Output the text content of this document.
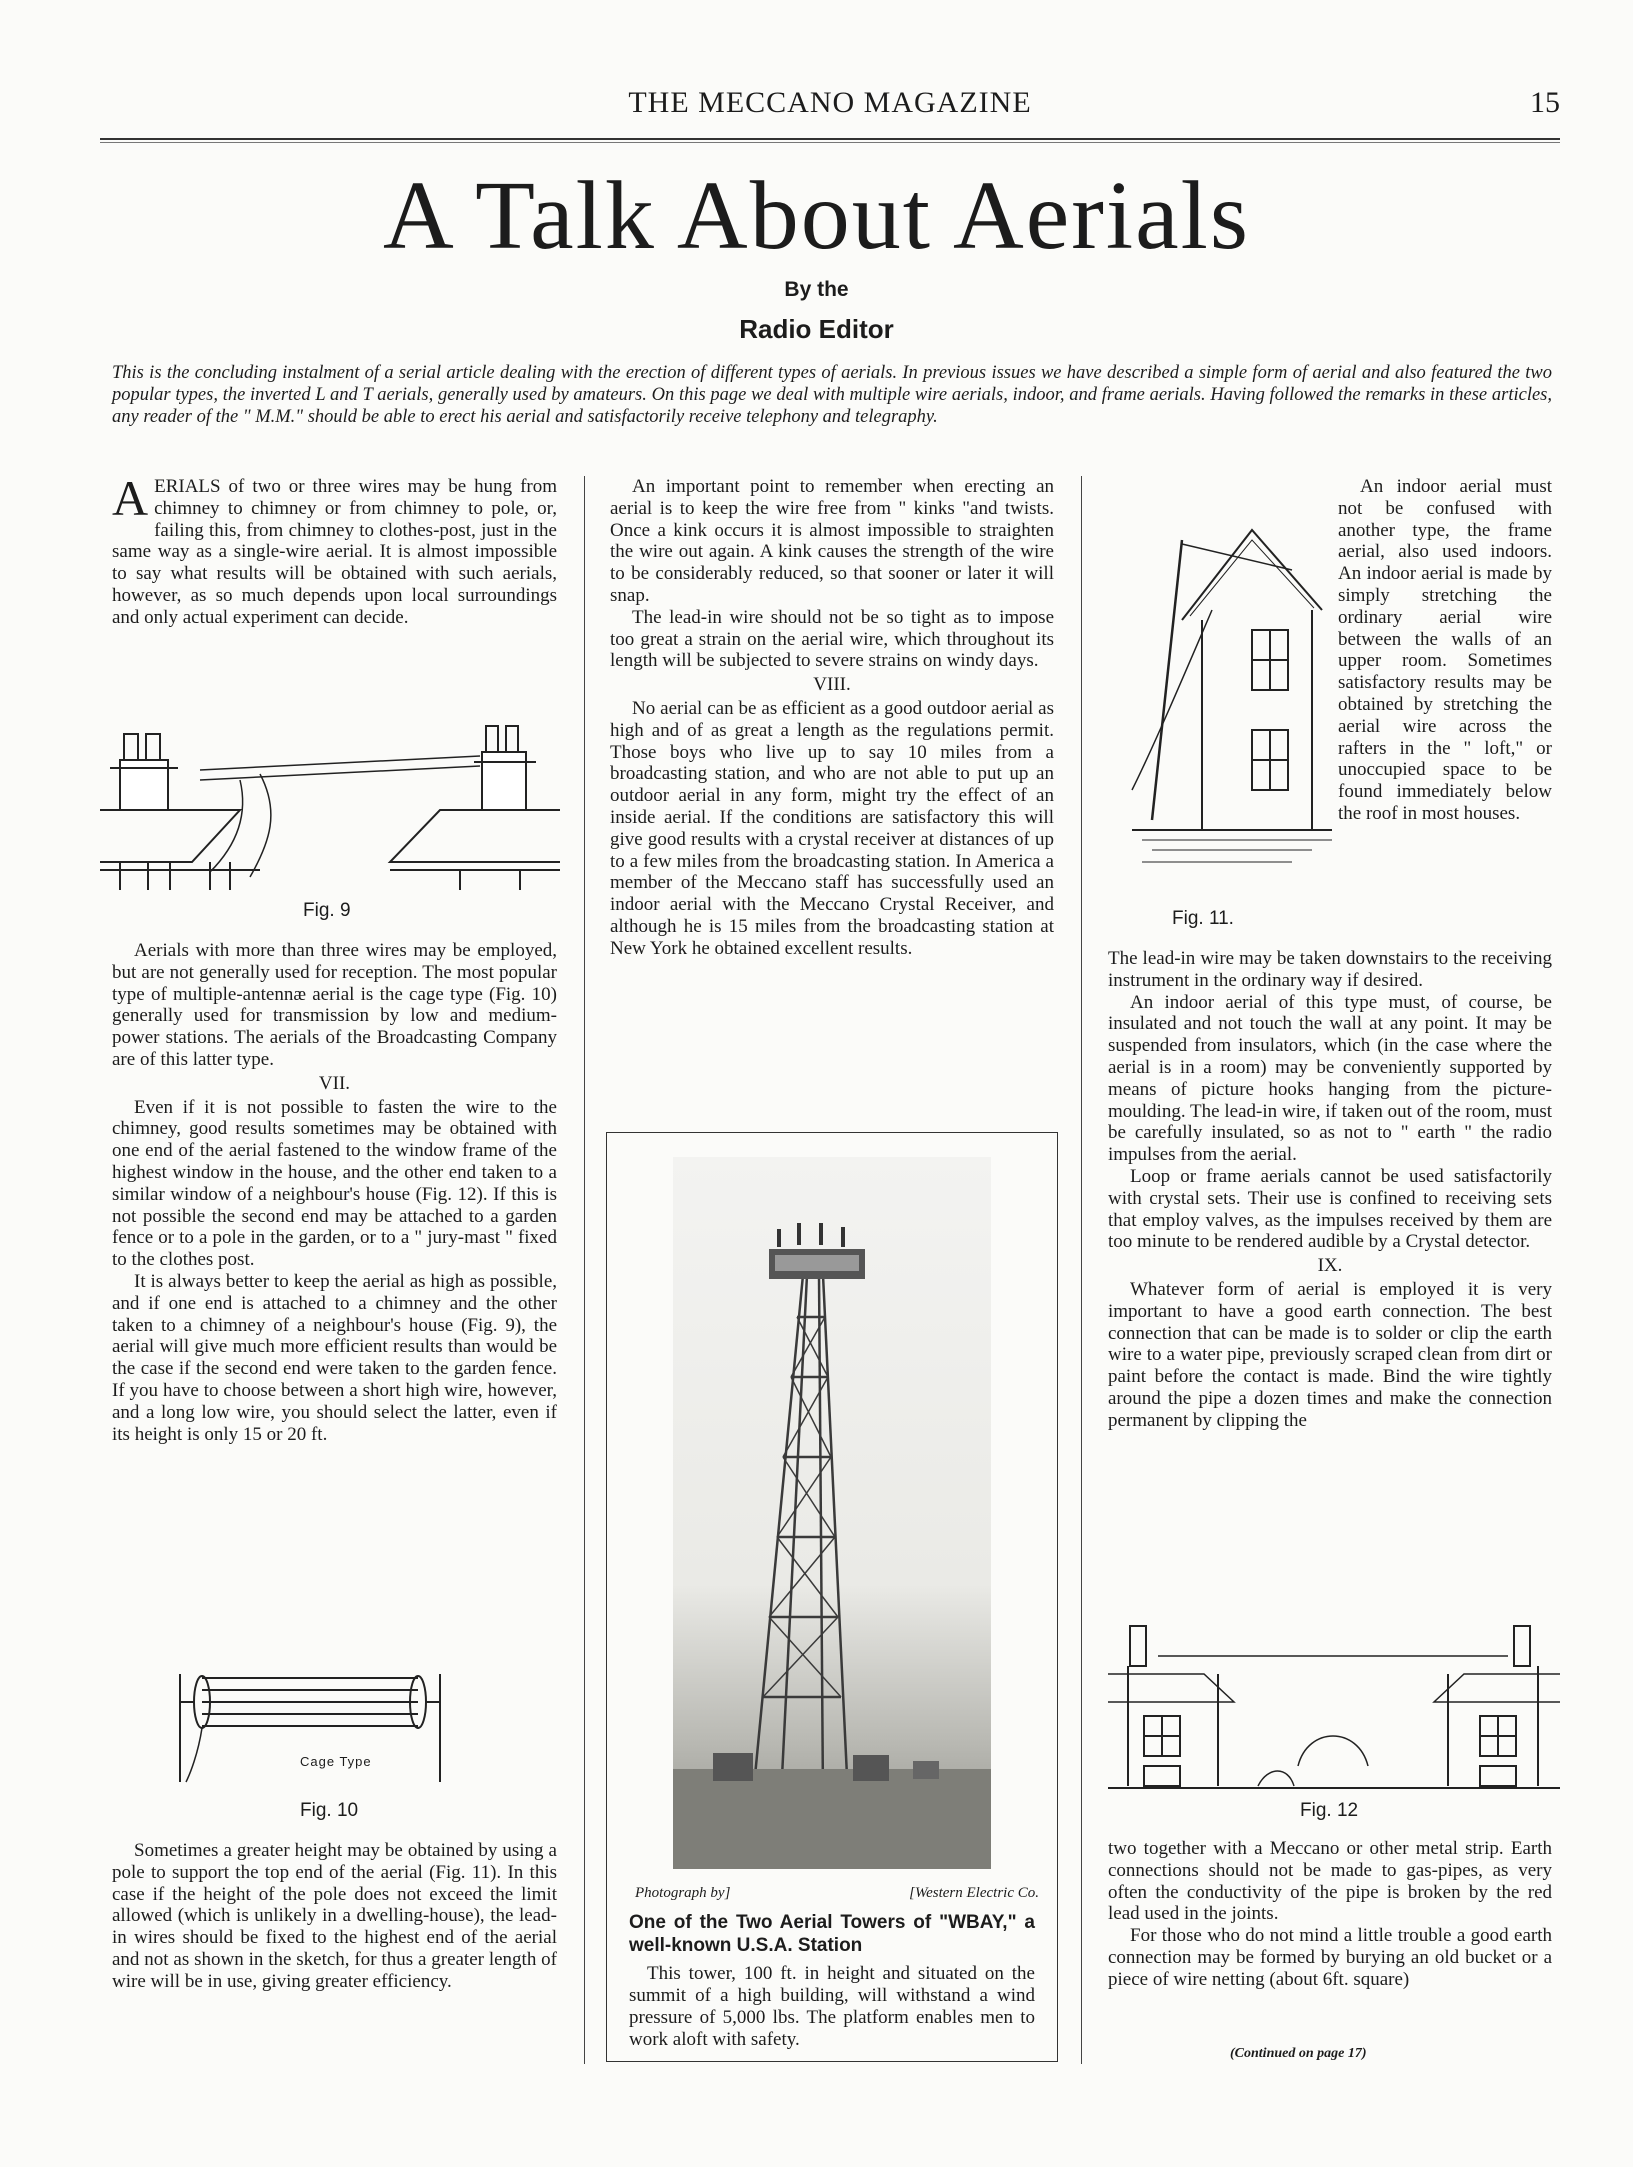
THE MECCANO MAGAZINE	15
A Talk About Aerials
By the
Radio Editor
This is the concluding instalment of a serial article dealing with the erection of different types of aerials. In previous issues we have described a simple form of aerial and also featured the two popular types, the inverted L and T aerials, generally used by amateurs. On this page we deal with multiple wire aerials, indoor, and frame aerials. Having followed the remarks in these articles, any reader of the " M.M." should be able to erect his aerial and satisfactorily receive telephony and telegraphy.

AERIALS of two or three wires may be hung from chimney to chimney or from chimney to pole, or, failing this, from chimney to clothes-post, just in the same way as a single-wire aerial. It is almost impossible to say what results will be obtained with such aerials, however, as so much depends upon local surroundings and only actual experiment can decide.

Fig. 9

Aerials with more than three wires may be employed, but are not generally used for reception. The most popular type of multiple-antennæ aerial is the cage type (Fig. 10) generally used for transmission by low and medium-power stations. The aerials of the Broadcasting Company are of this latter type.

VII.

Even if it is not possible to fasten the wire to the chimney, good results sometimes may be obtained with one end of the aerial fastened to the window frame of the highest window in the house, and the other end taken to a similar window of a neighbour's house (Fig. 12). If this is not possible the second end may be attached to a garden fence or to a pole in the garden, or to a " jury-mast " fixed to the clothes post.

It is always better to keep the aerial as high as possible, and if one end is attached to a chimney and the other taken to a chimney of a neighbour's house (Fig. 9), the aerial will give much more efficient results than would be the case if the second end were taken to the garden fence. If you have to choose between a short high wire, however, and a long low wire, you should select the latter, even if its height is only 15 or 20 ft.

Cage Type
Fig. 10

Sometimes a greater height may be obtained by using a pole to support the top end of the aerial (Fig. 11). In this case if the height of the pole does not exceed the limit allowed (which is unlikely in a dwelling-house), the lead-in wires should be fixed to the highest end of the aerial and not as shown in the sketch, for thus a greater length of wire will be in use, giving greater efficiency.

An important point to remember when erecting an aerial is to keep the wire free from " kinks "and twists. Once a kink occurs it is almost impossible to straighten the wire out again. A kink causes the strength of the wire to be considerably reduced, so that sooner or later it will snap.

The lead-in wire should not be so tight as to impose too great a strain on the aerial wire, which throughout its length will be subjected to severe strains on windy days.

VIII.

No aerial can be as efficient as a good outdoor aerial as high and of as great a length as the regulations permit. Those boys who live up to say 10 miles from a broadcasting station, and who are not able to put up an outdoor aerial in any form, might try the effect of an inside aerial. If the conditions are satisfactory this will give good results with a crystal receiver at distances of up to a few miles from the broadcasting station. In America a member of the Meccano staff has successfully used an indoor aerial with the Meccano Crystal Receiver, and although he is 15 miles from the broadcasting station at New York he obtained excellent results.

Photograph by]	[Western Electric Co.
One of the Two Aerial Towers of "WBAY," a well-known U.S.A. Station
This tower, 100 ft. in height and situated on the summit of a high building, will withstand a wind pressure of 5,000 lbs. The platform enables men to work aloft with safety.

An indoor aerial must not be confused with another type, the frame aerial, also used indoors. An indoor aerial is made by simply stretching the ordinary aerial wire between the walls of an upper room. Sometimes satisfactory results may be obtained by stretching the aerial wire across the rafters in the " loft," or unoccupied space to be found immediately below the roof in most houses.

Fig. 11.

The lead-in wire may be taken downstairs to the receiving instrument in the ordinary way if desired.

An indoor aerial of this type must, of course, be insulated and not touch the wall at any point. It may be suspended from insulators, which (in the case where the aerial is in a room) may be conveniently supported by means of picture hooks hanging from the picture-moulding. The lead-in wire, if taken out of the room, must be carefully insulated, so as not to " earth " the radio impulses from the aerial.

Loop or frame aerials cannot be used satisfactorily with crystal sets. Their use is confined to receiving sets that employ valves, as the impulses received by them are too minute to be rendered audible by a Crystal detector.

IX.

Whatever form of aerial is employed it is very important to have a good earth connection. The best connection that can be made is to solder or clip the earth wire to a water pipe, previously scraped clean from dirt or paint before the contact is made. Bind the wire tightly around the pipe a dozen times and make the connection permanent by clipping the

Fig. 12

two together with a Meccano or other metal strip. Earth connections should not be made to gas-pipes, as very often the conductivity of the pipe is broken by the red lead used in the joints.

For those who do not mind a little trouble a good earth connection may be formed by burying an old bucket or a piece of wire netting (about 6ft. square)

(Continued on page 17)
